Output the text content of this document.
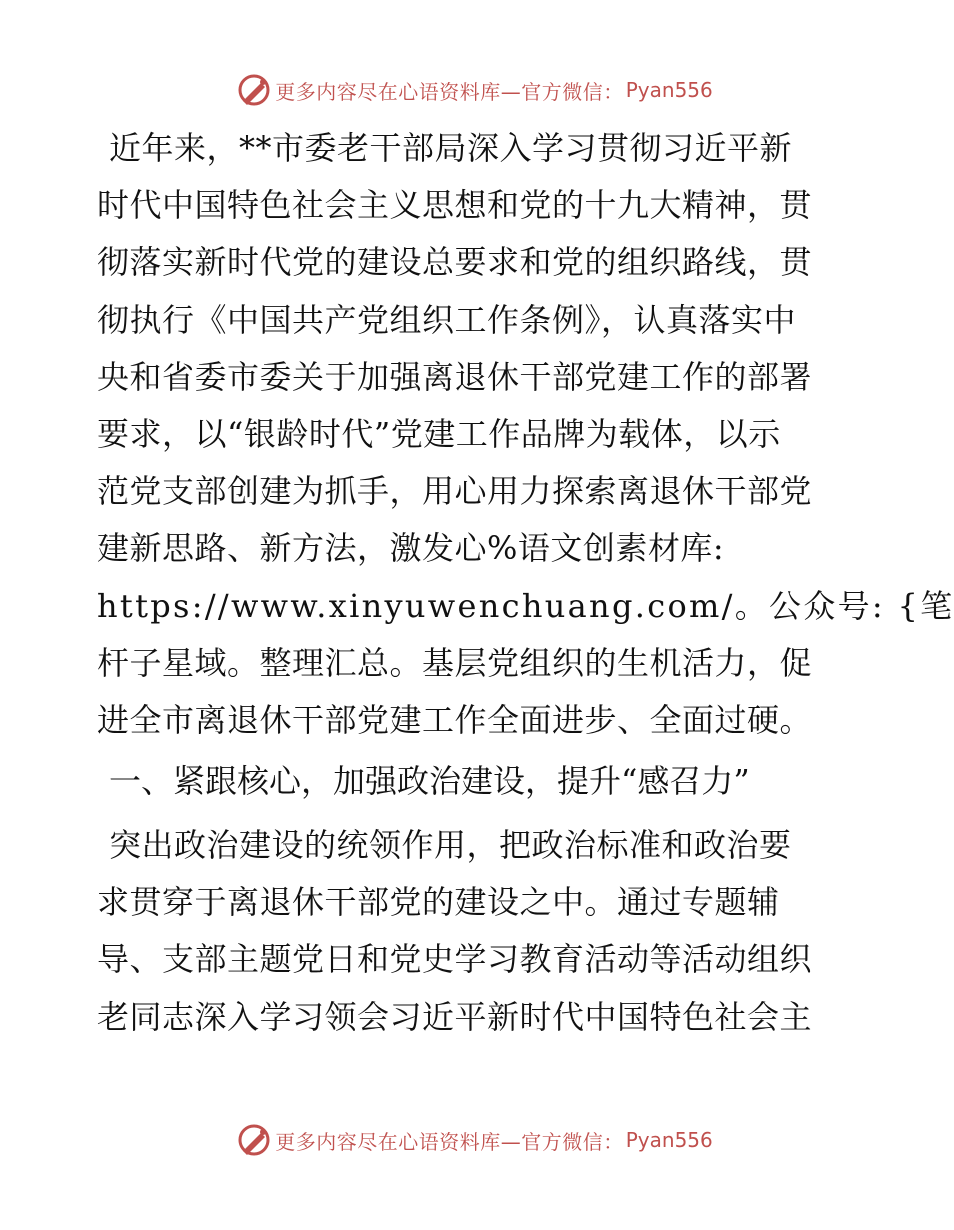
更多内容尽在心语资料库—官方微信： Pyan556
近年来，**市委老干部局深入学习贯彻习近平新
时代中国特色社会主义思想和党的十九大精神，贯
彻落实新时代党的建设总要求和党的组织路线，贯
彻执行《中国共产党组织工作条例》，认真落实中
央和省委市委关于加强离退休干部党建工作的部署
要求，以“银龄时代”党建工作品牌为载体，以示
范党支部创建为抓手，用心用力探索离退休干部党
建新思路、新方法，激发心%语文创素材库:
https://www.xinyuwenchuang.com/。公众号: {笔
杆子星域。整理汇总。基层党组织的生机活力，促
进全市离退休干部党建工作全面进步、全面过硬。
一、紧跟核心，加强政治建设，提升“感召力”
突出政治建设的统领作用，把政治标准和政治要
求贯穿于离退休干部党的建设之中。通过专题辅
导、支部主题党日和党史学习教育活动等活动组织
老同志深入学习领会习近平新时代中国特色社会主
更多内容尽在心语资料库—官方微信： Pyan556
